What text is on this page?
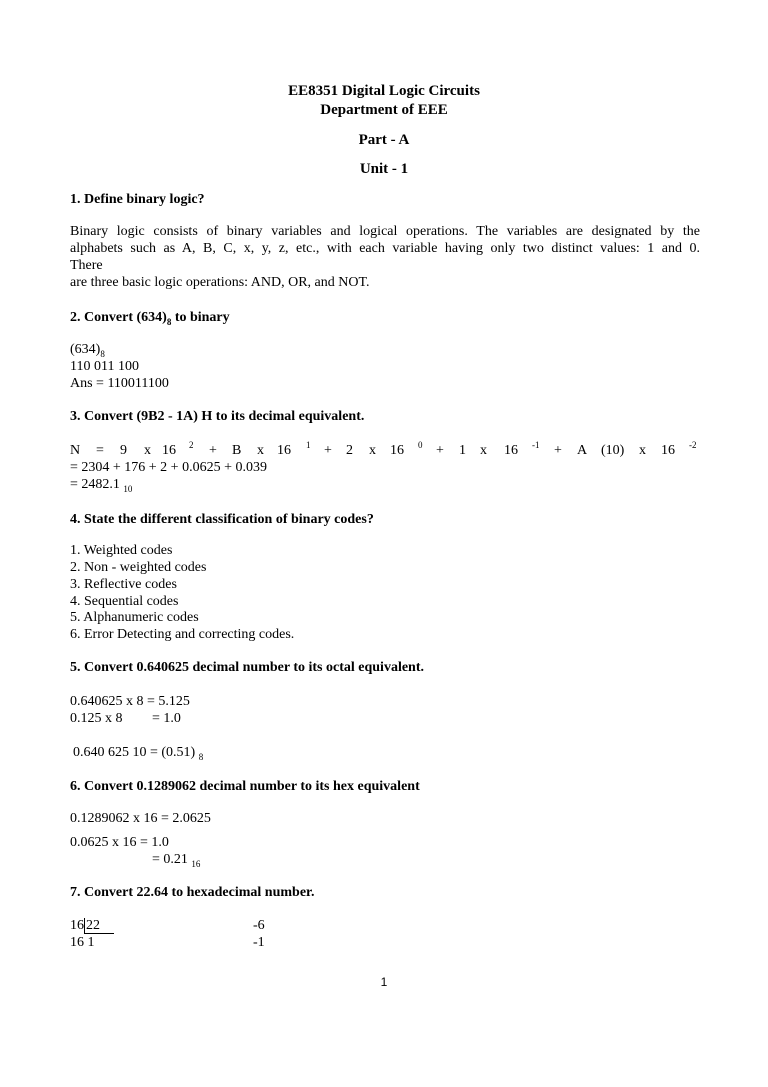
EE8351 Digital Logic Circuits
Department of EEE
Part - A
Unit - 1
1. Define binary logic?
Binary logic consists of binary variables and logical operations. The variables are designated by the
alphabets such as A, B, C, x, y, z, etc., with each variable having only two distinct values: 1 and 0.
There
are three basic logic operations: AND, OR, and NOT.
2. Convert $(634)_8$ to binary
$(634)_8$
110 011 100
Ans = 110011100
3. Convert (9B2 - 1A) H to its decimal equivalent.
N = 9 x 16 2 + B x 16 1 + 2 x 16 0 + 1 x 16 -1 + A (10) x 16 -2
= 2304 + 176 + 2 + 0.0625 + 0.039
= 2482.1 $_{10}$
4. State the different classification of binary codes?
1. Weighted codes
2. Non - weighted codes
3. Reflective codes
4. Sequential codes
5. Alphanumeric codes
6. Error Detecting and correcting codes.
5. Convert 0.640625 decimal number to its octal equivalent.
0.640625 x 8 = 5.125
0.125 x 8 = 1.0
0.640 625 10 = (0.51) $_8$
6. Convert 0.1289062 decimal number to its hex equivalent
0.1289062 x 16 = 2.0625
0.0625 x 16 = 1.0
= 0.21 $_{16}$
7. Convert 22.64 to hexadecimal number.
16 22	-6
16 1	-1
1
